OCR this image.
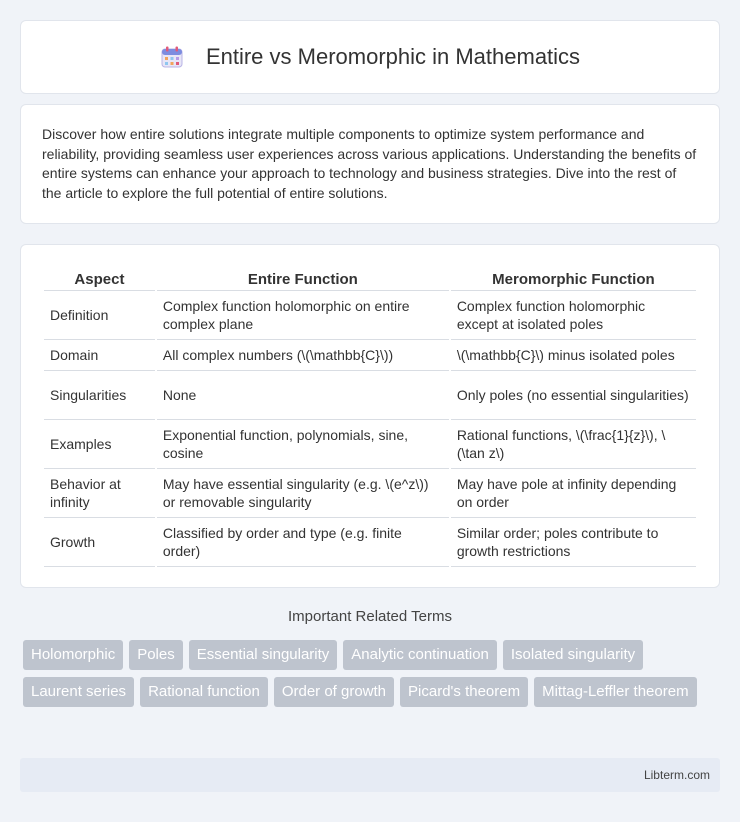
Entire vs Meromorphic in Mathematics

Discover how entire solutions integrate multiple components to optimize system performance and reliability, providing seamless user experiences across various applications. Understanding the benefits of entire systems can enhance your approach to technology and business strategies. Dive into the rest of the article to explore the full potential of entire solutions.

Aspect	Entire Function	Meromorphic Function
Definition	Complex function holomorphic on entire complex plane	Complex function holomorphic except at isolated poles
Domain	All complex numbers (\(\mathbb{C}\))	\(\mathbb{C}\) minus isolated poles
Singularities	None	Only poles (no essential singularities)
Examples	Exponential function, polynomials, sine, cosine	Rational functions, \(\frac{1}{z}\), \(\tan z\)
Behavior at infinity	May have essential singularity (e.g. \(e^z\)) or removable singularity	May have pole at infinity depending on order
Growth	Classified by order and type (e.g. finite order)	Similar order; poles contribute to growth restrictions
Important Related Terms
Holomorphic	Poles	Essential singularity	Analytic continuation	Isolated singularity
Laurent series	Rational function	Order of growth	Picard's theorem	Mittag-Leffler theorem
Libterm.com
